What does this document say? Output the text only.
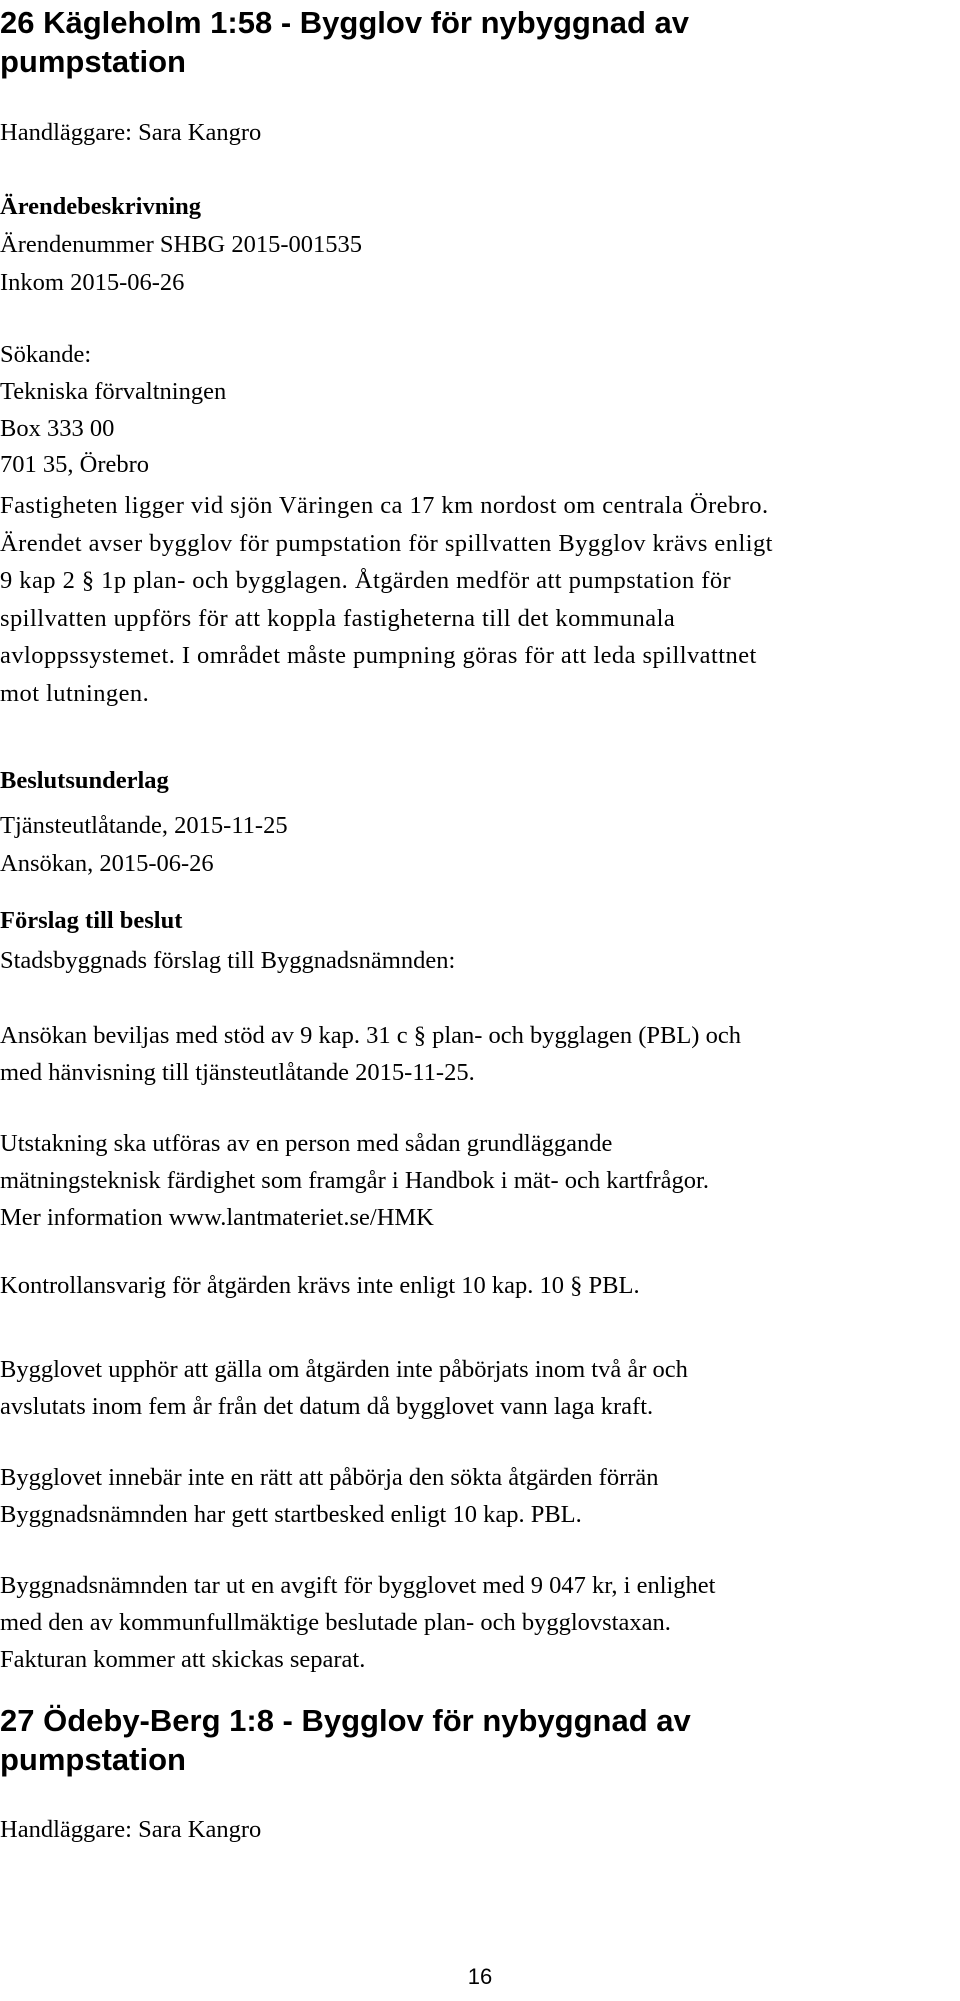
26 Kägleholm 1:58 - Bygglov för nybyggnad av
pumpstation

Handläggare: Sara Kangro

Ärendebeskrivning

Ärendenummer SHBG 2015-001535

Inkom 2015-06-26

Sökande:

Tekniska förvaltningen

Box 333 00

701 35, Örebro

Fastigheten ligger vid sjön Väringen ca 17 km nordost om centrala Örebro.
Ärendet avser bygglov för pumpstation för spillvatten Bygglov krävs enligt
9 kap 2 § 1p plan- och bygglagen. Åtgärden medför att pumpstation för
spillvatten uppförs för att koppla fastigheterna till det kommunala
avloppssystemet. I området måste pumpning göras för att leda spillvattnet
mot lutningen.

Beslutsunderlag

Tjänsteutlåtande, 2015-11-25

Ansökan, 2015-06-26

Förslag till beslut

Stadsbyggnads förslag till Byggnadsnämnden:

Ansökan beviljas med stöd av 9 kap. 31 c § plan- och bygglagen (PBL) och
med hänvisning till tjänsteutlåtande 2015-11-25.
Utstakning ska utföras av en person med sådan grundläggande
mätningsteknisk färdighet som framgår i Handbok i mät- och kartfrågor.
Mer information www.lantmateriet.se/HMK
Kontrollansvarig för åtgärden krävs inte enligt 10 kap. 10 § PBL.
Bygglovet upphör att gälla om åtgärden inte påbörjats inom två år och
avslutats inom fem år från det datum då bygglovet vann laga kraft.
Bygglovet innebär inte en rätt att påbörja den sökta åtgärden förrän
Byggnadsnämnden har gett startbesked enligt 10 kap. PBL.
Byggnadsnämnden tar ut en avgift för bygglovet med 9 047 kr, i enlighet
med den av kommunfullmäktige beslutade plan- och bygglovstaxan.
Fakturan kommer att skickas separat.
27 Ödeby-Berg 1:8 - Bygglov för nybyggnad av
pumpstation

Handläggare: Sara Kangro

16
